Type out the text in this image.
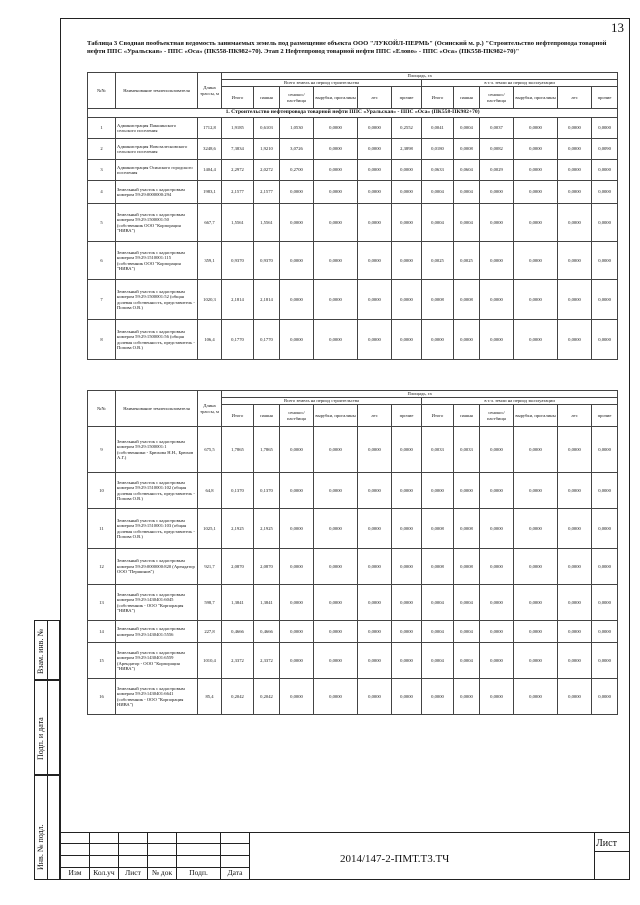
13
Таблица 3 Сводная пообъектная ведомость занимаемых земель под размещение объекта ООО "ЛУКОЙЛ-ПЕРМЬ" (Осинский м. р.) "Строительство нефтепровода товарной нефти ППС «Уральская» - ППС «Оса» (ПК558-ПК982+70). Этап 2 Нефтепровод товарной нефти ППС «Еловo» - ППС «Оса» (ПК558-ПК982+70)"
№№	Наименование землепользователя	Длина трассы, м	Площадь, га											
			Всего земель на период строительства						в т.ч. земли на период эксплуатации					
			Итого	пашня	сенокос/ пастбища	вырубки, прогалины	лес	прочие	Итого	пашня	сенокос/ пастбища	вырубки, прогалины	лес	прочие
1. Строительство нефтепровода товарной нефти ППС «Уральская» - ППС «Оса» (ПК558-ПК982+70)														
1	Администрация Пакшинского сельского поселения	1712,8	1,9185	0,6103	1,0530	0,0000	0,0000	0,2552	0,0041	0,0004	0,0037	0,0000	0,0000	0,0000
2	Администрация Новозалесновского сельского поселения	3248,6	7,3834	1,9210	3,0726	0,0000	0,0000	2,3898	0,0180	0,0008	0,0082	0,0000	0,0000	0,0090
3	Администрация Осинского городского поселения	1404,4	2,2972	2,0272	0,2700	0,0000	0,0000	0,0000	0,0633	0,0604	0,0029	0,0000	0,0000	0,0000
4	Земельный участок с кадастровым номером 59:29:0000000:294	1983,1	2,1577	2,1577	0,0000	0,0000	0,0000	0,0000	0,0004	0,0004	0,0000	0,0000	0,0000	0,0000
5	Земельный участок с кадастровым номером 59:29:1500001:50 (собственник ООО "Корпорация "НИВА")	667,7	1,5561	1,5561	0,0000	0,0000	0,0000	0,0000	0,0004	0,0004	0,0000	0,0000	0,0000	0,0000
6	Земельный участок с кадастровым номером 59:29:1510001:115 (собственник ООО "Корпорация "НИВА")	359,1	0,9370	0,9370	0,0000	0,0000	0,0000	0,0000	0,0025	0,0025	0,0000	0,0000	0,0000	0,0000
7	Земельный участок с кадастровым номером 59:29:1500001:52 (общая долевая собственность, представитель - Попова О.В.)	1020,3	2,1814	2,1814	0,0000	0,0000	0,0000	0,0000	0,0008	0,0008	0,0000	0,0000	0,0000	0,0000
8	Земельный участок с кадастровым номером 59:29:1500001:56 (общая долевая собственность, представитель - Попова О.В.)	106,4	0,1770	0,1770	0,0000	0,0000	0,0000	0,0000	0,0000	0,0000	0,0000	0,0000	0,0000	0,0000
№№	Наименование землепользователя	Длина трассы, м	Площадь, га											
			Всего земель на период строительства						в т.ч. земли на период эксплуатации					
			Итого	пашня	сенокос/ пастбища	вырубки, прогалины	лес	прочие	Итого	пашня	сенокос/ пастбища	вырубки, прогалины	лес	прочие
9	Земельный участок с кадастровым номером 59:29:1500001:1 (собственники - Брюхова Н.Н., Брюхов А.Г.)	675,5	1,7865	1,7865	0,0000	0,0000	0,0000	0,0000	0,0033	0,0033	0,0000	0,0000	0,0000	0,0000
10	Земельный участок с кадастровым номером 59:29:1510001:102 (общая долевая собственность, представитель - Попова О.В.)	64,8	0,1370	0,1370	0,0000	0,0000	0,0000	0,0000	0,0000	0,0000	0,0000	0,0000	0,0000	0,0000
11	Земельный участок с кадастровым номером 59:29:1510001:103 (общая долевая собственность, представитель - Попова О.В.)	1025,1	2,1925	2,1925	0,0000	0,0000	0,0000	0,0000	0,0008	0,0008	0,0000	0,0000	0,0000	0,0000
12	Земельный участок с кадастровым номером 59:29:0000000:820 (Арендатор ООО "Першинов")	921,7	2,0870	2,0870	0,0000	0,0000	0,0000	0,0000	0,0008	0,0008	0,0000	0,0000	0,0000	0,0000
13	Земельный участок с кадастровым номером 59:29:1430401:6045 (собственник - ООО "Корпорация "НИВА")	598,7	1,3841	1,3841	0,0000	0,0000	0,0000	0,0000	0,0004	0,0004	0,0000	0,0000	0,0000	0,0000
14	Земельный участок с кадастровым номером 59:29:1430401:5556	227,8	0,4666	0,4666	0,0000	0,0000	0,0000	0,0000	0,0004	0,0004	0,0000	0,0000	0,0000	0,0000
15	Земельный участок с кадастровым номером 59:29:1430401:6559 (Арендатор - ООО "Корпорация "НИВА")	1010,4	2,3372	2,3372	0,0000	0,0000	0,0000	0,0000	0,0004	0,0004	0,0000	0,0000	0,0000	0,0000
16	Земельный участок с кадастровым номером 59:29:1430401:6641 (собственник - ООО "Корпорация НИВА")	85,4	0,2042	0,2042	0,0000	0,0000	0,0000	0,0000	0,0000	0,0000	0,0000	0,0000	0,0000	0,0000
Взам. инв. №
Подп. и дата
Инв. № подл.
Изм	Кол.уч	Лист	№ док	Подп.	Дата
2014/147-2-ПМТ.Т3.ТЧ
Лист
